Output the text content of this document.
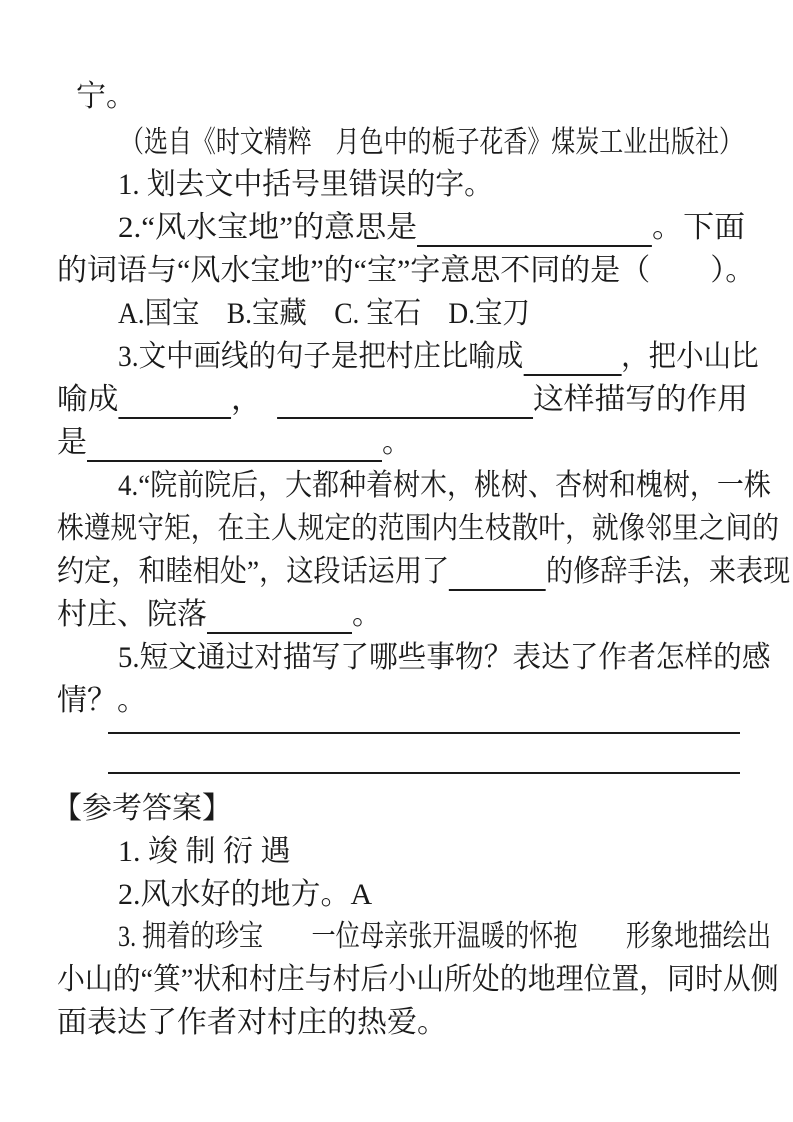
宁。
（选自《时文精粹　月色中的栀子花香》煤炭工业出版社）
1. 划去文中括号里错误的字。
2.“风水宝地”的意思是	。下面
的词语与“风水宝地”的“宝”字意思不同的是（　　）。
A.国宝　B.宝藏　C. 宝石　D.宝刀
3.文中画线的句子是把村庄比喻成	，把小山比
喻成	，　	这样描写的作用
是	。
4.“院前院后，大都种着树木，桃树、杏树和槐树，一株
株遵规守矩，在主人规定的范围内生枝散叶，就像邻里之间的
约定，和睦相处”，这段话运用了	的修辞手法，来表现
村庄、院落	。
5.短文通过对描写了哪些事物？表达了作者怎样的感
情？。
【参考答案】
1. 竣 制 衍 遇
2.风水好的地方。A
3. 拥着的珍宝　　一位母亲张开温暖的怀抱　　形象地描绘出
小山的“箕”状和村庄与村后小山所处的地理位置，同时从侧
面表达了作者对村庄的热爱。
